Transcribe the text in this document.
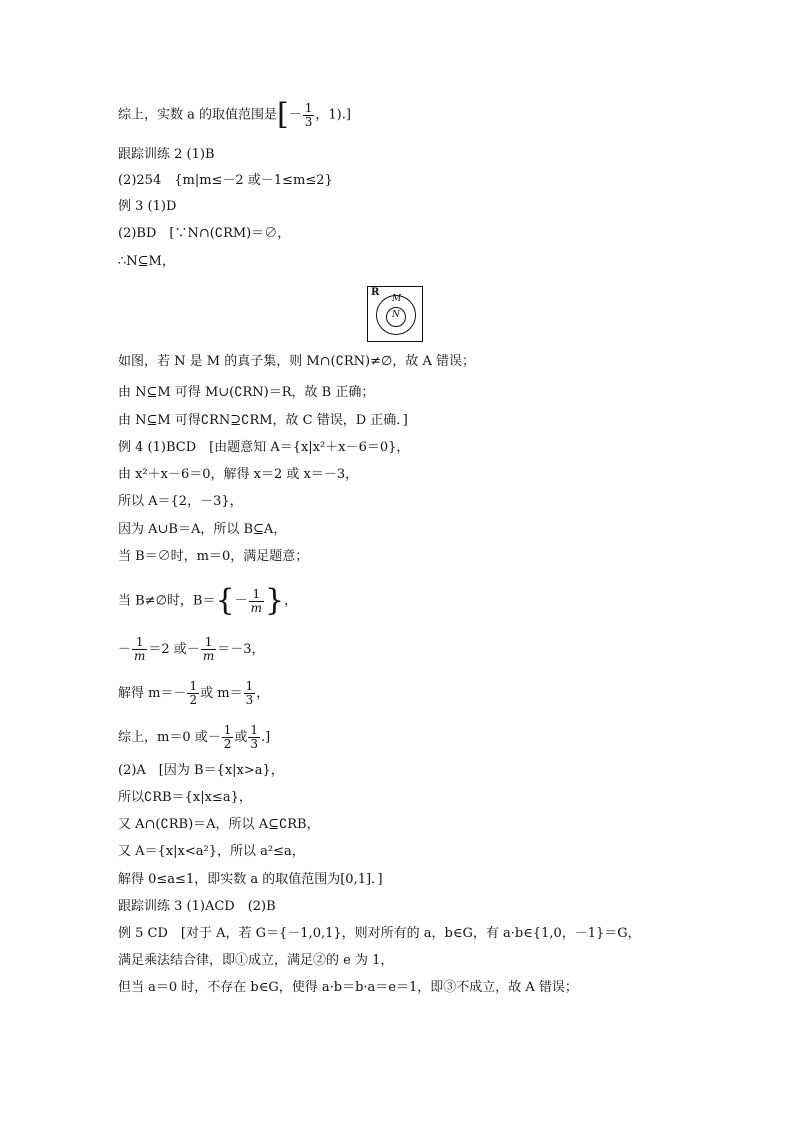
综上，实数 a 的取值范围是[－ $\frac{1}{3}$ ，1).]
跟踪训练 2 (1)B
(2)254　{m|m≤－2 或－1≤m≤2}
例 3 (1)D
(2)BD　[∵N∩(∁RM)＝∅，
∴N⊆M，
R
M
N
如图，若 N 是 M 的真子集，则 M∩(∁RN)≠∅，故 A 错误；
由 N⊆M 可得 M∪(∁RN)＝R，故 B 正确；
由 N⊆M 可得∁RN⊇∁RM，故 C 错误，D 正确．]
例 4 (1)BCD　[由题意知 A＝{x|x²＋x－6＝0}，
由 x²＋x－6＝0，解得 x＝2 或 x＝－3，
所以 A＝{2，－3}，
因为 A∪B＝A，所以 B⊆A，
当 B＝∅时，m＝0，满足题意；
当 B≠∅时，$B=\{- \frac{1}{m}$ }，
－ $\frac{1}{m} =2$ 或－ $\frac{1}{m} =-3$，
解得 $m=- \frac{1}{2}$ 或 $m= \frac{1}{3}$ ，
综上，m＝0 或－ $\frac{1}{2}$ 或 $\frac{1}{3}$ .]
(2)A　[因为 B＝{x|x>a}，
所以∁RB＝{x|x≤a}，
又 A∩(∁RB)＝A，所以 A⊆∁RB，
又 A＝{x|x<a²}，所以 a²≤a，
解得 0≤a≤1，即实数 a 的取值范围为[0,1]．]
跟踪训练 3 (1)ACD　(2)B
例 5 CD　[对于 A，若 G＝{－1,0,1}，则对所有的 a，b∈G，有 a·b∈{1,0，－1}＝G，
满足乘法结合律，即①成立，满足②的 e 为 1，
但当 a＝0 时，不存在 b∈G，使得 a·b＝b·a＝e＝1，即③不成立，故 A 错误；
